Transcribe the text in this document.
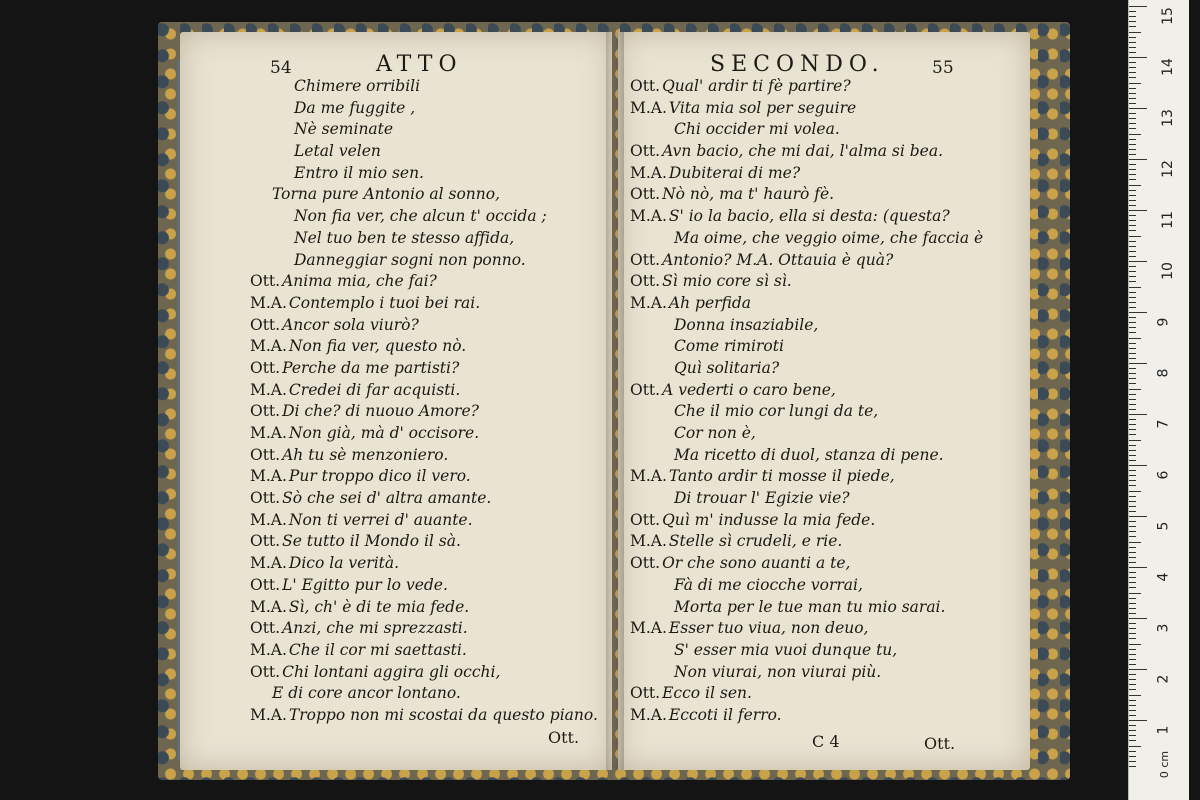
54	ATTO	SECONDO.	55
Chimere orribili
Da me fuggite ,
Nè seminate
Letal velen
Entro il mio sen.
Torna pure Antonio al sonno,
Non fia ver, che alcun t' occida ;
Nel tuo ben te stesso affida,
Danneggiar sogni non ponno.
Ott. Anima mia, che fai?
M.A. Contemplo i tuoi bei rai.
Ott. Ancor sola viurò?
M.A. Non fia ver, questo nò.
Ott. Perche da me partisti?
M.A. Credei di far acquisti.
Ott. Di che? di nuouo Amore?
M.A. Non già, mà d' occisore.
Ott. Ah tu sè menzoniero.
M.A. Pur troppo dico il vero.
Ott. Sò che sei d' altra amante.
M.A. Non ti verrei d' auante.
Ott. Se tutto il Mondo il sà.
M.A. Dico la verità.
Ott. L' Egitto pur lo vede.
M.A. Sì, ch' è di te mia fede.
Ott. Anzi, che mi sprezzasti.
M.A. Che il cor mi saettasti.
Ott. Chi lontani aggira gli occhi,
E di core ancor lontano.
M.A. Troppo non mi scostai da questo piano.
Ott. Qual' ardir ti fè partire?
M.A. Vita mia sol per seguire
Chi occider mi volea.
Ott. Avn bacio, che mi dai, l'alma si bea.
M.A. Dubiterai di me?
Ott. Nò nò, ma t' haurò fè.
M.A. S' io la bacio, ella si desta: (questa?
Ma oime, che veggio oime, che faccia è
Ott. Antonio? M.A. Ottauia è quà?
Ott. Sì mio core sì sì.
M.A. Ah perfida
Donna insaziabile,
Come rimiroti
Quì solitaria?
Ott. A vederti o caro bene,
Che il mio cor lungi da te,
Cor non è,
Ma ricetto di duol, stanza di pene.
M.A. Tanto ardir ti mosse il piede,
Di trouar l' Egizie vie?
Ott. Quì m' indusse la mia fede.
M.A. Stelle sì crudeli, e rie.
Ott. Or che sono auanti a te,
Fà di me ciocche vorrai,
Morta per le tue man tu mio sarai.
M.A. Esser tuo viua, non deuo,
S' esser mia vuoi dunque tu,
Non viurai, non viurai più.
Ott. Ecco il sen.
M.A. Eccoti il ferro.
Ott.	C 4	Ott.
0 cm
15
14
13
12
11
10
9
8
7
6
5
4
3
2
1
